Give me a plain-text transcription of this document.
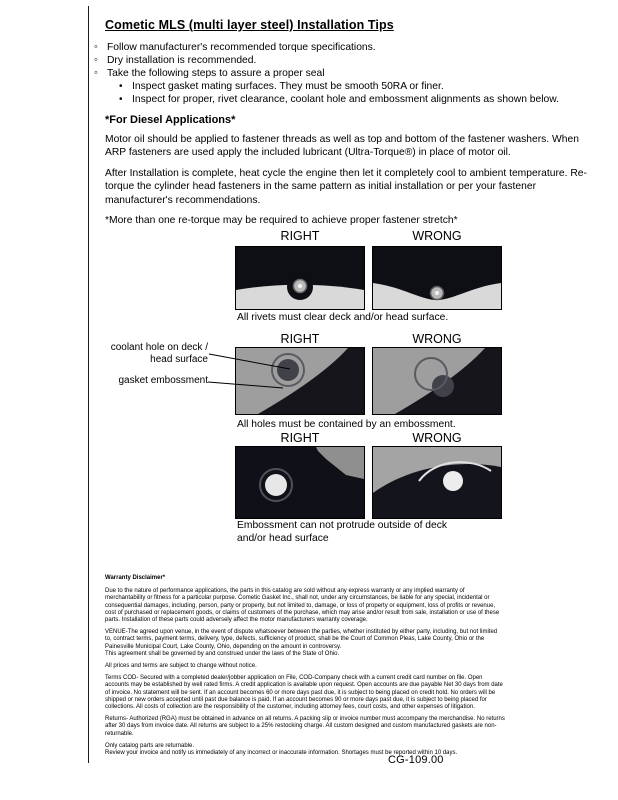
Cometic MLS (multi layer steel) Installation Tips
◦ Follow manufacturer's recommended torque specifications.
◦ Dry installation is recommended.
◦ Take the following steps to assure a proper seal
• Inspect gasket mating surfaces. They must be smooth 50RA or finer.
• Inspect for proper, rivet clearance, coolant hole and embossment alignments as shown below.
*For Diesel Applications*

Motor oil should be applied to fastener threads as well as top and bottom of the fastener washers. When ARP fasteners are used apply the included lubricant (Ultra-Torque®) in place of motor oil.

After Installation is complete, heat cycle the engine then let it completely cool to ambient temperature. Re-torque the cylinder head fasteners in the same pattern as initial installation or per your fastener manufacturer's recommendations.

*More than one re-torque may be required to achieve proper fastener stretch*

RIGHT	WRONG
All rivets must clear deck and/or head surface.
RIGHT	WRONG
coolant hole on deck / head surface
gasket embossment
All holes must be contained by an embossment.
RIGHT	WRONG
Embossment can not protrude outside of deck and/or head surface
Warranty Disclaimer*

Due to the nature of performance applications, the parts in this catalog are sold without any express warranty or any implied warranty of merchantability or fitness for a particular purpose. Cometic Gasket Inc., shall not, under any circumstances, be liable for any special, incidental or consequential damages, including, person, party or property, but not limited to, damage, or loss of property or equipment, loss of profits or revenue, cost of purchased or replacement goods, or claims of customers of the purchase, which may arise and/or result from sale, installation or use of these parts. Installation of these parts could adversely affect the motor manufacturers warranty coverage.

VENUE-The agreed upon venue, in the event of dispute whatsoever between the parties, whether instituted by either party, including, but not limited to, contract terms, payment terms, delivery, type, defects, sufficiency of product, shall be the Court of Common Pleas, Lake County, Ohio or the Painesville Municipal Court, Lake County, Ohio, depending on the amount in controversy.

This agreement shall be governed by and construed under the laws of the State of Ohio.

All prices and terms are subject to change without notice.

Terms COD- Secured with a completed dealer/jobber application on File, COD-Company check with a current credit card number on file. Open accounts may be established by well rated firms. A credit application is available upon request. Open accounts are due payable Net 30 days from date of invoice. No statement will be sent. If an account becomes 60 or more days past due, it is subject to being placed on credit hold. No orders will be shipped or new orders accepted until past due balance is paid. If an account becomes 90 or more days past due, it is subject to being placed for collections. All costs of collection are the responsibility of the customer, including attorney fees, court costs, and other expenses of litigation.

Returns- Authorized (RGA) must be obtained in advance on all returns. A packing slip or invoice number must accompany the merchandise. No returns after 30 days from invoice date. All returns are subject to a 25% restocking charge. All custom designed and custom manufactured gaskets are non-returnable.

Only catalog parts are returnable.

Review your invoice and notify us immediately of any incorrect or inaccurate information. Shortages must be reported within 10 days.

CG-109.00
